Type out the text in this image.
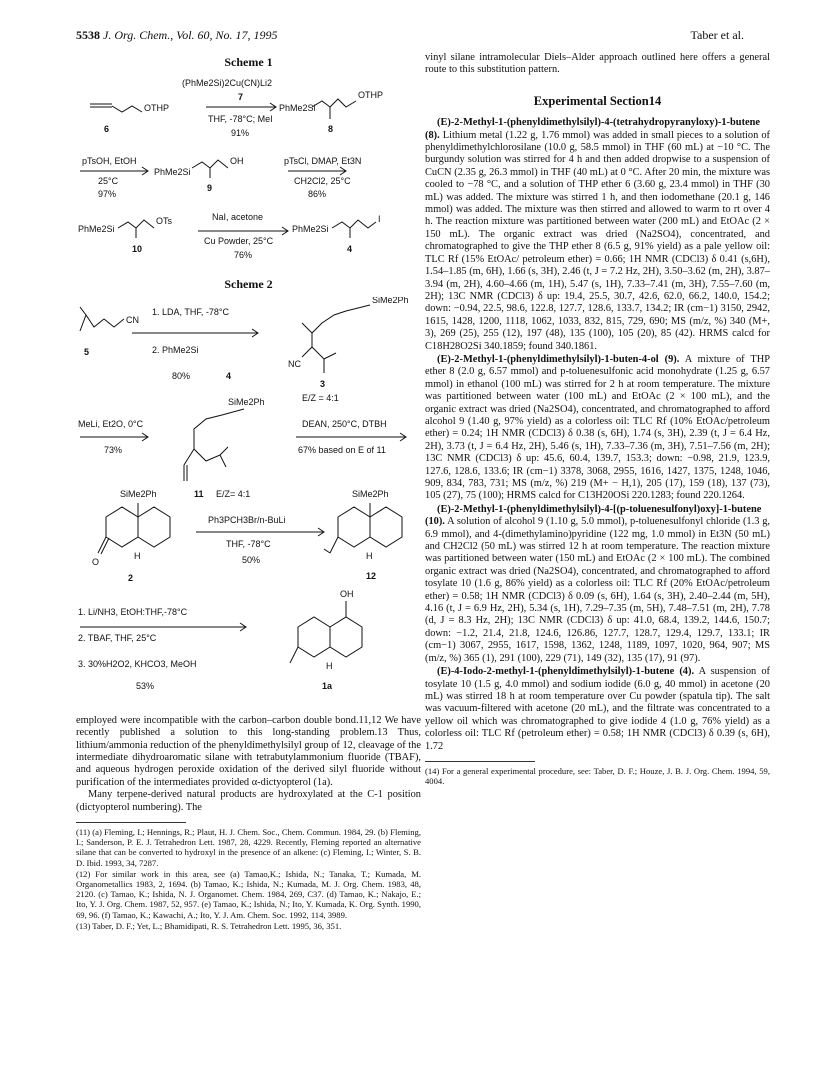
5538 J. Org. Chem., Vol. 60, No. 17, 1995	Taber et al.
Scheme 1
OTHP
6
(PhMe2Si)2Cu(CN)Li2
7
THF, -78°C; MeI
91%
PhMe2Si
OTHP
8
pTsOH, EtOH
25°C
97%
PhMe2Si
OH
9
pTsCl, DMAP, Et3N
CH2Cl2, 25°C
86%
PhMe2Si
OTs
10
NaI, acetone
Cu Powder, 25°C
76%
PhMe2Si
I
4
Scheme 2
CN
5
1. LDA, THF, -78°C
2. PhMe2Si
80%	4
SiMe2Ph
NC
3
E/Z = 4:1
MeLi, Et2O, 0°C
73%
SiMe2Ph
11 E/Z= 4:1
DEAN, 250°C, DTBH
67% based on E of 11
SiMe2Ph
H
O
2
Ph3PCH3Br/n-BuLi
THF, -78°C
50%
SiMe2Ph
H
12
1. Li/NH3, EtOH:THF,-78°C
2. TBAF, THF, 25°C
3. 30%H2O2, KHCO3, MeOH
53%
OH
H
1a

employed were incompatible with the carbon–carbon double bond.11,12 We have recently published a solution to this long-standing problem.13 Thus, lithium/ammonia reduction of the phenyldimethylsilyl group of 12, cleavage of the intermediate dihydroaromatic silane with tetrabutylammonium fluoride (TBAF), and aqueous hydrogen peroxide oxidation of the derived silyl fluoride without purification of the intermediates provided α-dictyopterol (1a).

Many terpene-derived natural products are hydroxylated at the C-1 position (dictyopterol numbering). The

(11) (a) Fleming, I.; Hennings, R.; Plaut, H. J. Chem. Soc., Chem. Commun. 1984, 29. (b) Fleming, I.; Sanderson, P. E. J. Tetrahedron Lett. 1987, 28, 4229. Recently, Fleming reported an alternative silane that can be converted to hydroxyl in the presence of an alkene: (c) Fleming, I.; Winter, S. B. D. Ibid. 1993, 34, 7287.

(12) For similar work in this area, see (a) Tamao,K.; Ishida, N.; Tanaka, T.; Kumada, M. Organometallics 1983, 2, 1694. (b) Tamao, K.; Ishida, N.; Kumada, M. J. Org. Chem. 1983, 48, 2120. (c) Tamao, K.; Ishida, N. J. Organomet. Chem. 1984, 269, C37. (d) Tamao, K.; Nakajo, E.; Ito, Y. J. Org. Chem. 1987, 52, 957. (e) Tamao, K.; Ishida, N.; Ito, Y. Kumada, K. Org. Synth. 1990, 69, 96. (f) Tamao, K.; Kawachi, A.; Ito, Y. J. Am. Chem. Soc. 1992, 114, 3989.

(13) Taber, D. F.; Yet, L.; Bhamidipati, R. S. Tetrahedron Lett. 1995, 36, 351.

vinyl silane intramolecular Diels–Alder approach outlined here offers a general route to this substitution pattern.

Experimental Section14

(E)-2-Methyl-1-(phenyldimethylsilyl)-4-(tetrahydropyranyloxy)-1-butene (8). Lithium metal (1.22 g, 1.76 mmol) was added in small pieces to a solution of phenyldimethylchlorosilane (10.0 g, 58.5 mmol) in THF (60 mL) at −10 °C. The burgundy solution was stirred for 4 h and then added dropwise to a suspension of CuCN (2.35 g, 26.3 mmol) in THF (40 mL) at 0 °C. After 20 min, the mixture was cooled to −78 °C, and a solution of THP ether 6 (3.60 g, 23.4 mmol) in THF (30 mL) was added. The mixture was stirred 1 h, and then iodomethane (20.1 g, 146 mmol) was added. The mixture was then stirred and allowed to warm to rt over 4 h. The reaction mixture was partitioned between water (200 mL) and EtOAc (2 × 150 mL). The organic extract was dried (Na2SO4), concentrated, and chromatographed to give the THP ether 8 (6.5 g, 91% yield) as a pale yellow oil: TLC Rf (15% EtOAc/ petroleum ether) = 0.66; 1H NMR (CDCl3) δ 0.41 (s,6H), 1.54–1.85 (m, 6H), 1.66 (s, 3H), 2.46 (t, J = 7.2 Hz, 2H), 3.50–3.62 (m, 2H), 3.87–3.94 (m, 2H), 4.60–4.66 (m, 1H), 5.47 (s, 1H), 7.33–7.41 (m, 3H), 7.55–7.60 (m, 2H); 13C NMR (CDCl3) δ up: 19.4, 25.5, 30.7, 42.6, 62.0, 66.2, 140.0, 154.2; down: −0.94, 22.5, 98.6, 122.8, 127.7, 128.6, 133.7, 134.2; IR (cm−1) 3150, 2942, 1615, 1428, 1200, 1118, 1062, 1033, 832, 815, 729, 690; MS (m/z, %) 340 (M+, 3), 269 (25), 255 (12), 197 (48), 135 (100), 105 (20), 85 (42). HRMS calcd for C18H28O2Si 340.1859; found 340.1861.

(E)-2-Methyl-1-(phenyldimethylsilyl)-1-buten-4-ol (9). A mixture of THP ether 8 (2.0 g, 6.57 mmol) and p-toluenesulfonic acid monohydrate (1.25 g, 6.57 mmol) in ethanol (100 mL) was stirred for 2 h at room temperature. The mixture was partitioned between water (100 mL) and EtOAc (2 × 100 mL), and the organic extract was dried (Na2SO4), concentrated, and chromatographed to afford alcohol 9 (1.40 g, 97% yield) as a colorless oil: TLC Rf (10% EtOAc/petroleum ether) = 0.24; 1H NMR (CDCl3) δ 0.38 (s, 6H), 1.74 (s, 3H), 2.39 (t, J = 6.4 Hz, 2H), 3.73 (t, J = 6.4 Hz, 2H), 5.46 (s, 1H), 7.33–7.36 (m, 3H), 7.51–7.56 (m, 2H); 13C NMR (CDCl3) δ up: 45.6, 60.4, 139.7, 153.3; down: −0.98, 21.9, 123.9, 127.6, 128.6, 133.6; IR (cm−1) 3378, 3068, 2955, 1616, 1427, 1375, 1248, 1046, 909, 834, 783, 731; MS (m/z, %) 219 (M+ − H,1), 205 (17), 159 (18), 137 (73), 105 (27), 75 (100); HRMS calcd for C13H20OSi 220.1283; found 220.1264.

(E)-2-Methyl-1-(phenyldimethylsilyl)-4-[(p-toluenesulfonyl)oxy]-1-butene (10). A solution of alcohol 9 (1.10 g, 5.0 mmol), p-toluenesulfonyl chloride (1.3 g, 6.9 mmol), and 4-(dimethylamino)pyridine (122 mg, 1.0 mmol) in Et3N (50 mL) and CH2Cl2 (50 mL) was stirred 12 h at room temperature. The reaction mixture was partitioned between water (150 mL) and EtOAc (2 × 100 mL). The combined organic extract was dried (Na2SO4), concentrated, and chromatographed to afford tosylate 10 (1.6 g, 86% yield) as a colorless oil: TLC Rf (20% EtOAc/petroleum ether) = 0.58; 1H NMR (CDCl3) δ 0.09 (s, 6H), 1.64 (s, 3H), 2.40–2.44 (m, 5H), 4.16 (t, J = 6.9 Hz, 2H), 5.34 (s, 1H), 7.29–7.35 (m, 5H), 7.48–7.51 (m, 2H), 7.78 (d, J = 8.3 Hz, 2H); 13C NMR (CDCl3) δ up: 41.0, 68.4, 139.2, 144.6, 150.7; down: −1.2, 21.4, 21.8, 124.6, 126.86, 127.7, 128.7, 129.4, 129.7, 133.1; IR (cm−1) 3067, 2955, 1617, 1598, 1362, 1248, 1189, 1097, 1020, 964, 907; MS (m/z, %) 365 (1), 291 (100), 229 (71), 149 (32), 135 (17), 91 (97).

(E)-4-Iodo-2-methyl-1-(phenyldimethylsilyl)-1-butene (4). A suspension of tosylate 10 (1.5 g, 4.0 mmol) and sodium iodide (6.0 g, 40 mmol) in acetone (20 mL) was stirred 18 h at room temperature over Cu powder (spatula tip). The salt was vacuum-filtered with acetone (20 mL), and the filtrate was concentrated to a yellow oil which was chromatographed to give iodide 4 (1.0 g, 76% yield) as a colorless oil: TLC Rf (petroleum ether) = 0.58; 1H NMR (CDCl3) δ 0.39 (s, 6H), 1.72

(14) For a general experimental procedure, see: Taber, D. F.; Houze, J. B. J. Org. Chem. 1994, 59, 4004.
